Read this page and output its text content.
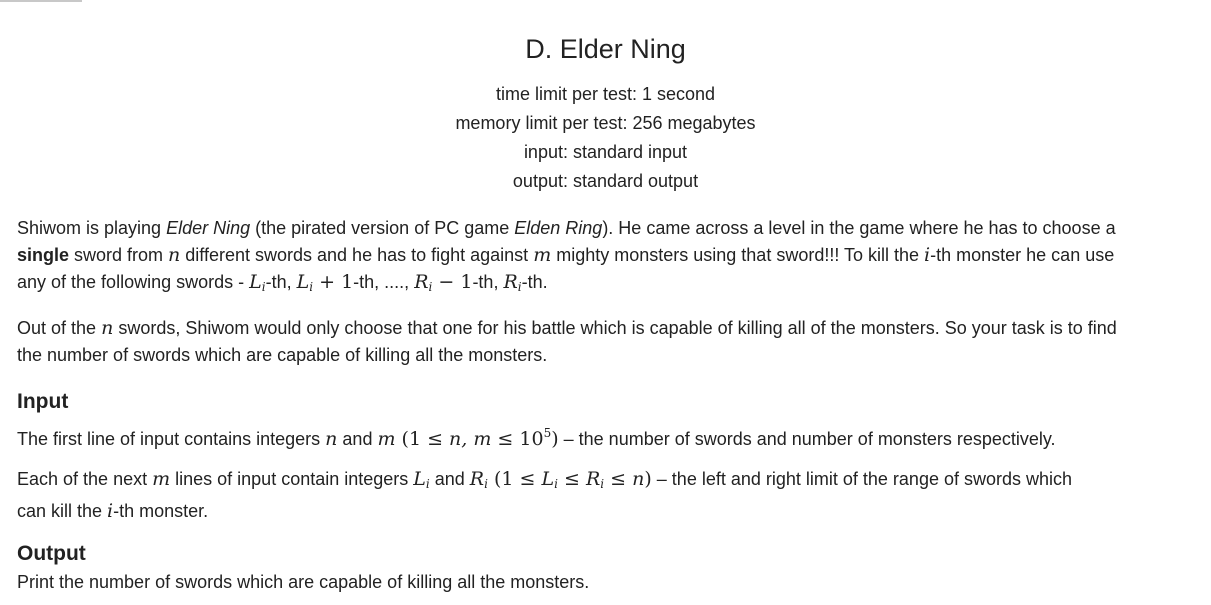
D. Elder Ning
time limit per test: 1 second
memory limit per test: 256 megabytes
input: standard input
output: standard output
Shiwom is playing Elder Ning (the pirated version of PC game Elden Ring). He came across a level in the game where he has to choose a
single sword from n different swords and he has to fight against m mighty monsters using that sword!!! To kill the i-th monster he can use
any of the following swords - $L_i-th$, $L_i + 1-th$, ...., $R_i - 1-th$, $R_i-th$.
Out of the n swords, Shiwom would only choose that one for his battle which is capable of killing all of the monsters. So your task is to find
the number of swords which are capable of killing all the monsters.
Input
The first line of input contains integers n and m (1 ≤ n, $m \le 10^5$) – the number of swords and number of monsters respectively.
Each of the next m lines of input contain integers $L_i$ and $R_i$ $(1 \le L_i \le R_i \le n)$ – the left and right limit of the range of swords which
can kill the i-th monster.
Output
Print the number of swords which are capable of killing all the monsters.
